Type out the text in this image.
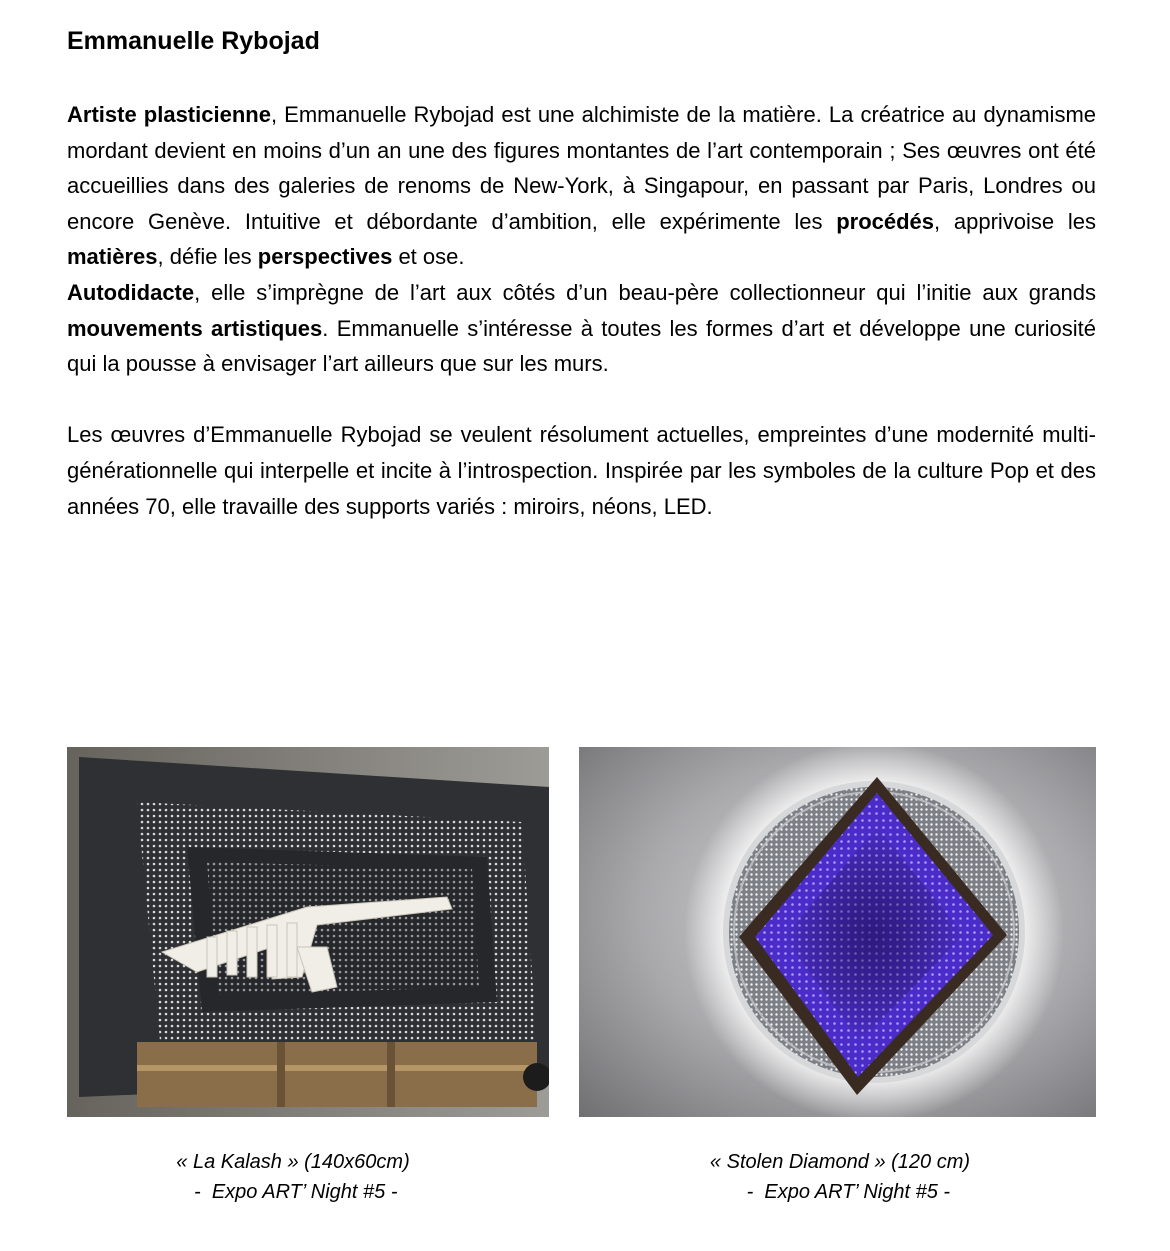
Emmanuelle Rybojad

Artiste plasticienne, Emmanuelle Rybojad est une alchimiste de la matière. La créatrice au dynamisme mordant devient en moins d’un an une des figures montantes de l’art contemporain ; Ses œuvres ont été accueillies dans des galeries de renoms de New-York, à Singapour, en passant par Paris, Londres ou encore Genève. Intuitive et débordante d’ambition, elle expérimente les procédés, apprivoise les matières, défie les perspectives et ose.

Autodidacte, elle s’imprègne de l’art aux côtés d’un beau-père collectionneur qui l’initie aux grands mouvements artistiques. Emmanuelle s’intéresse à toutes les formes d’art et développe une curiosité qui la pousse à envisager l’art ailleurs que sur les murs.

Les œuvres d’Emmanuelle Rybojad se veulent résolument actuelles, empreintes d’une modernité multi-générationnelle qui interpelle et incite à l’introspection. Inspirée par les symboles de la culture Pop et des années 70, elle travaille des supports variés : miroirs, néons, LED.

« La Kalash » (140x60cm)
-  Expo ART’ Night #5 -
« Stolen Diamond » (120 cm)
-  Expo ART’ Night #5 -
